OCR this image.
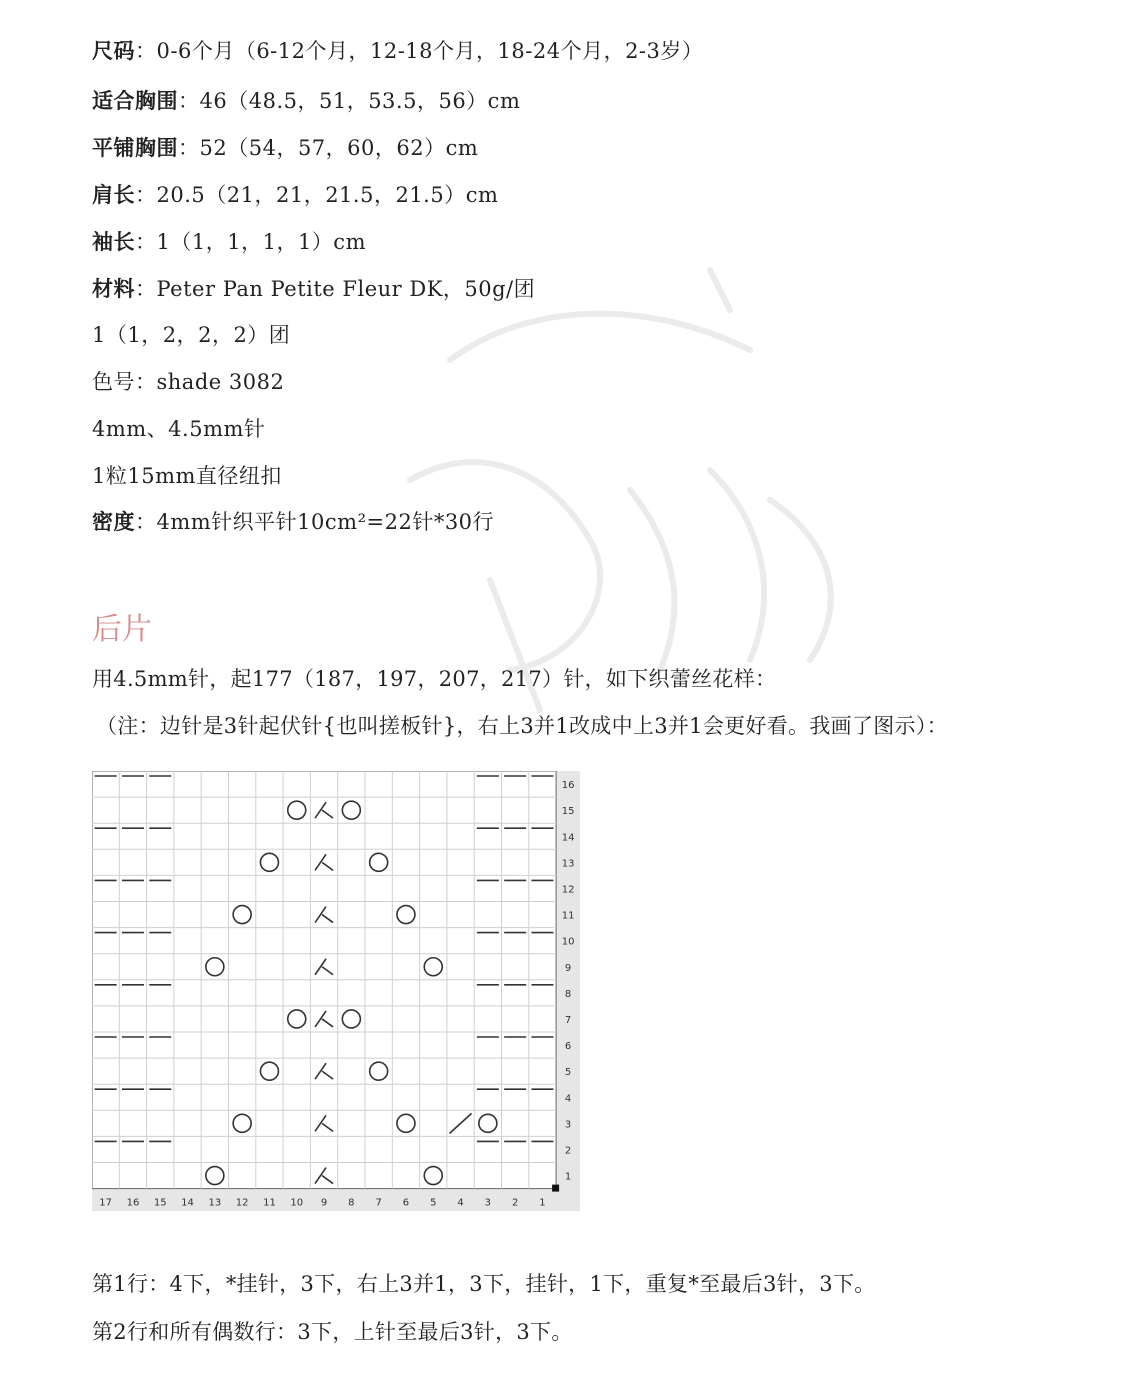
尺码：0-6个月（6-12个月，12-18个月，18-24个月，2-3岁）
适合胸围：46（48.5，51，53.5，56）cm
平铺胸围：52（54，57，60，62）cm
肩长：20.5（21，21，21.5，21.5）cm
袖长：1（1，1，1，1）cm
材料：Peter Pan Petite Fleur DK，50g/团
1（1，2，2，2）团
色号：shade 3082
4mm、4.5mm针
1粒15mm直径纽扣
密度：4mm针织平针10cm²=22针*30行
后片
用4.5mm针，起177（187，197，207，217）针，如下织蕾丝花样：
（注：边针是3针起伏针{也叫搓板针}，右上3并1改成中上3并1会更好看。我画了图示）：
17 16 15 14 13 12 11 10 9 8 7 6 5 4 3 2 1
16
15
14
13
12
11
10
9
8
7
6
5
4
3
2
1
第1行：4下，*挂针，3下，右上3并1，3下，挂针，1下，重复*至最后3针，3下。
第2行和所有偶数行：3下，上针至最后3针，3下。
